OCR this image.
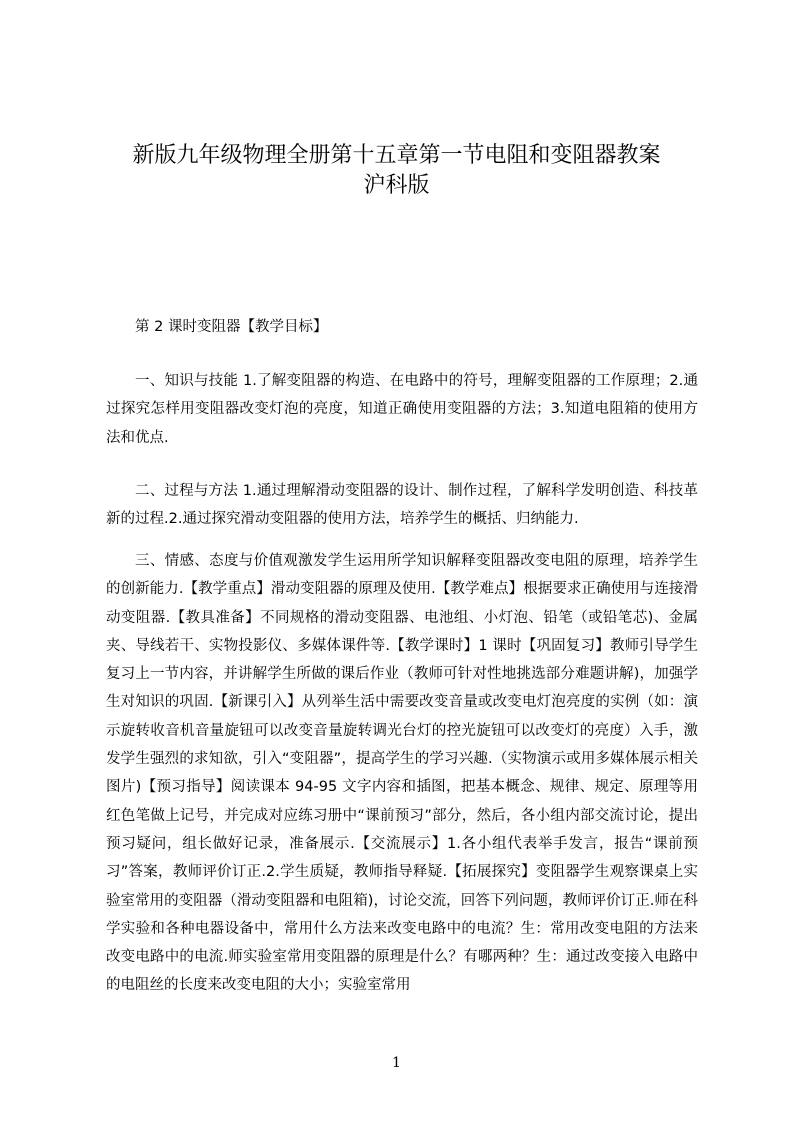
新版九年级物理全册第十五章第一节电阻和变阻器教案
沪科版

第 2 课时变阻器【教学目标】

一、知识与技能 1.了解变阻器的构造、在电路中的符号，理解变阻器的工作原理；2.通过探究怎样用变阻器改变灯泡的亮度，知道正确使用变阻器的方法；3.知道电阻箱的使用方法和优点.

二、过程与方法 1.通过理解滑动变阻器的设计、制作过程，了解科学发明创造、科技革新的过程.2.通过探究滑动变阻器的使用方法，培养学生的概括、归纳能力.

三、情感、态度与价值观激发学生运用所学知识解释变阻器改变电阻的原理，培养学生的创新能力.【教学重点】滑动变阻器的原理及使用.【教学难点】根据要求正确使用与连接滑动变阻器.【教具准备】不同规格的滑动变阻器、电池组、小灯泡、铅笔（或铅笔芯)、金属夹、导线若干、实物投影仪、多媒体课件等.【教学课时】1 课时【巩固复习】教师引导学生复习上一节内容，并讲解学生所做的课后作业（教师可针对性地挑选部分难题讲解)，加强学生对知识的巩固.【新课引入】从列举生活中需要改变音量或改变电灯泡亮度的实例（如：演示旋转收音机音量旋钮可以改变音量旋转调光台灯的控光旋钮可以改变灯的亮度）入手，激发学生强烈的求知欲，引入“变阻器”，提高学生的学习兴趣.（实物演示或用多媒体展示相关图片)【预习指导】阅读课本 94-95 文字内容和插图，把基本概念、规律、规定、原理等用红色笔做上记号，并完成对应练习册中“课前预习”部分，然后，各小组内部交流讨论，提出预习疑问，组长做好记录，准备展示.【交流展示】1.各小组代表举手发言，报告“课前预习”答案，教师评价订正.2.学生质疑，教师指导释疑.【拓展探究】变阻器学生观察课桌上实验室常用的变阻器（滑动变阻器和电阻箱)，讨论交流，回答下列问题，教师评价订正.师在科学实验和各种电器设备中，常用什么方法来改变电路中的电流？生：常用改变电阻的方法来改变电路中的电流.师实验室常用变阻器的原理是什么？有哪两种？生：通过改变接入电路中的电阻丝的长度来改变电阻的大小；实验室常用

1
